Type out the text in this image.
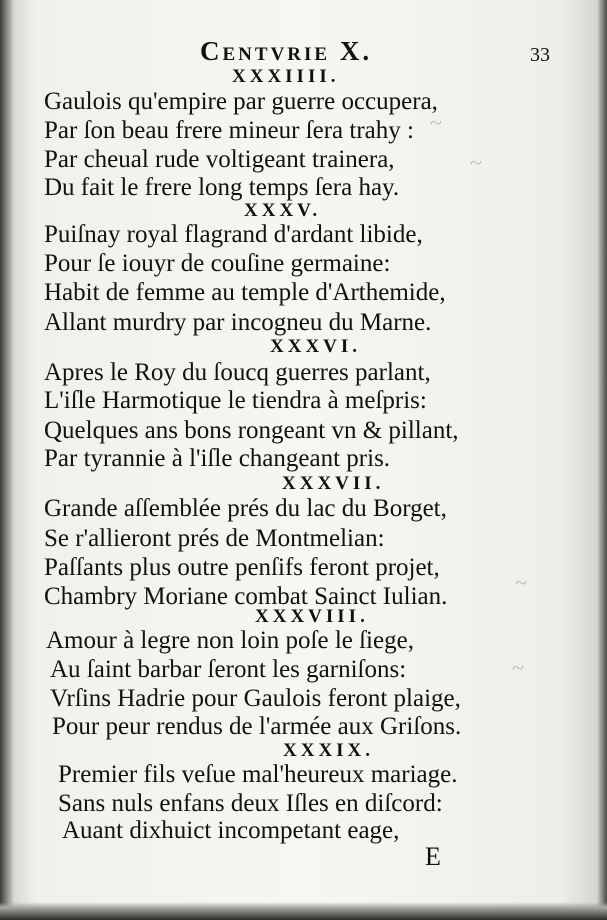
~
~
~
~
Centvrie X.	33
XXXIIII.
Gaulois qu'empire par guerre occupera,
Par ſon beau frere mineur ſera trahy :
Par cheual rude voltigeant trainera,
Du fait le frere long temps ſera hay.
XXXV.
Puiſnay royal flagrand d'ardant libide,
Pour ſe iouyr de couſine germaine:
Habit de femme au temple d'Arthemide,
Allant murdry par incogneu du Marne.
XXXVI.
Apres le Roy du ſoucq guerres parlant,
L'iſle Harmotique le tiendra à meſpris:
Quelques ans bons rongeant vn & pillant,
Par tyrannie à l'iſle changeant pris.
XXXVII.
Grande aſſemblée prés du lac du Borget,
Se r'allieront prés de Montmelian:
Paſſants plus outre penſifs feront projet,
Chambry Moriane combat Sainct Iulian.
XXXVIII.
Amour à legre non loin poſe le ſiege,
Au ſaint barbar ſeront les garniſons:
Vrſins Hadrie pour Gaulois feront plaige,
Pour peur rendus de l'armée aux Griſons.
XXXIX.
Premier fils veſue mal'heureux mariage.
Sans nuls enfans deux Iſles en diſcord:
Auant dixhuict incompetant eage,
E
